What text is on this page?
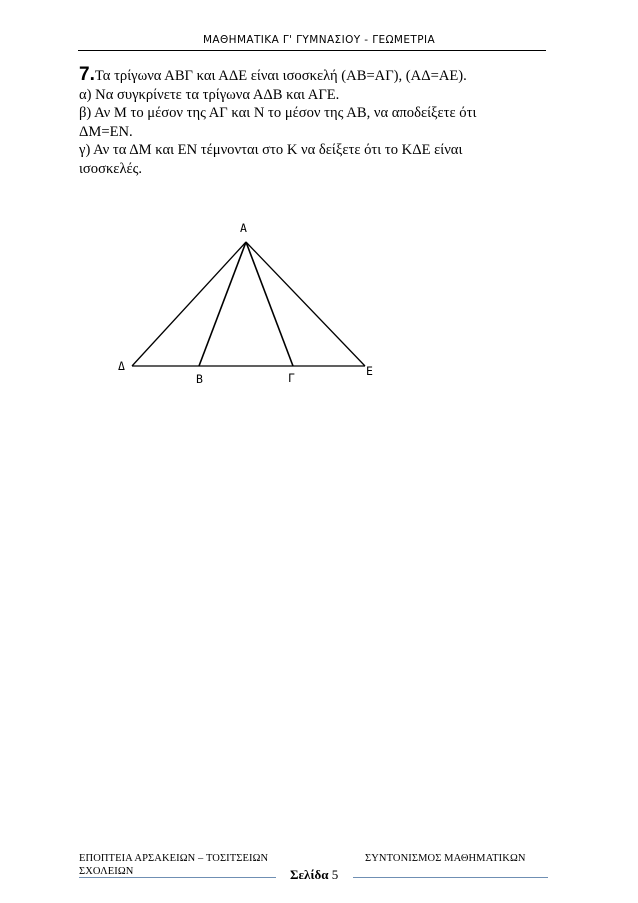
ΜΑΘΗΜΑΤΙΚΑ Γ' ΓΥΜΝΑΣΙΟΥ - ΓΕΩΜΕΤΡΙΑ

7.Τα τρίγωνα ΑΒΓ και ΑΔΕ είναι ισοσκελή (ΑΒ=ΑΓ), (ΑΔ=ΑΕ).

α) Να συγκρίνετε τα τρίγωνα ΑΔΒ και ΑΓΕ.

β) Αν Μ το μέσον της ΑΓ και Ν το μέσον της ΑΒ, να αποδείξετε ότι

ΔΜ=ΕΝ.

γ) Αν τα ΔΜ και ΕΝ τέμνονται στο Κ να δείξετε ότι το ΚΔΕ είναι

ισοσκελές.

Α
Δ
Β	Γ	Ε
ΕΠΟΠΤΕΙΑ ΑΡΣΑΚΕΙΩΝ – ΤΟΣΙΤΣΕΙΩΝ
ΣΧΟΛΕΙΩΝ
ΣΥΝΤΟΝΙΣΜΟΣ ΜΑΘΗΜΑΤΙΚΩΝ
Σελίδα 5
